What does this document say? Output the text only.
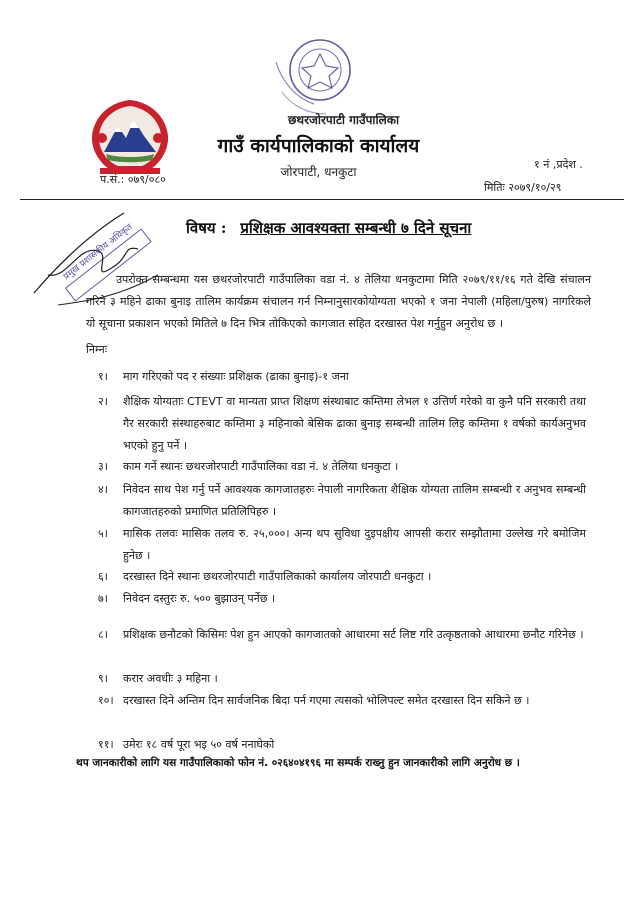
छथरजोरपाटी गाउँपालिका
गाउँ कार्यपालिकाको कार्यालय
जोरपाटी, धनकुटा
प.सं.: ०७९/०८०
१ नं ,प्रदेश .
मितिः २०७९/१०/२९
प्रमुख प्रशासकीय अधिकृत	विषय : प्रशिक्षक आवश्यक्ता सम्बन्धी ७ दिने सूचना
उपरोक्त सम्बन्धमा यस छथरजोरपाटी गाउँपालिका वडा नं. ४ तेलिया धनकुटामा मिति २०७९/११/१६ गते देखि संचालन गरिने ३ महिने ढाका बुनाइ तालिम कार्यक्रम संचालन गर्न निम्नानुसारकोयोग्यता भएको १ जना नेपाली (महिला/पुरुष) नागरिकले यो सूचाना प्रकाशन भएको मितिले ७ दिन भित्र तोकिएको कागजात सहित दरखास्त पेश गर्नुहुन अनुरोध छ ।
निम्नः
१।	माग गरिएको पद र संख्याः प्रशिक्षक (ढाका बुनाइ)-१ जना
२।	शैक्षिक योग्यताः CTEVT वा मान्यता प्राप्त शिक्षण संस्थाबाट कम्तिमा लेभल १ उत्तिर्ण गरेको वा कुनै पनि सरकारी तथा गैर सरकारी संस्थाहरुबाट कम्तिमा ३ महिनाको बेसिक ढाका बुनाइ सम्बन्धी तालिम लिइ कम्तिमा १ वर्षको कार्यअनुभव भएको हुनु पर्ने ।
३।	काम गर्ने स्थानः छथरजोरपाटी गाउँपालिका वडा नं. ४ तेलिया धनकुटा ।
४।	निवेदन साथ पेश गर्नु पर्ने आवश्यक कागजातहरुः नेपाली नागरिकता शैक्षिक योग्यता तालिम सम्बन्धी र अनुभव सम्बन्धी कागजातहरुको प्रमाणित प्रतिलिपिहरु ।
५।	मासिक तलवः मासिक तलव रु. २५,०००। अन्य थप सुविधा दुइपक्षीय आपसी करार सम्झौतामा उल्लेख गरे बमोजिम हुनेछ ।
६।	दरखास्त दिने स्थानः छथरजोरपाटी गाउँपालिकाको कार्यालय जोरपाटी धनकुटा ।
७।	निवेदन दस्तुरः रु. ५०० बुझाउन् पर्नेछ ।
८।	प्रशिक्षक छनौटको किसिमः पेश हुन आएको कागजातको आधारमा सर्ट लिष्ट गरि उत्कृष्ठताको आधारमा छनौट गरिनेछ ।
९।	करार अवधीः ३ महिना ।
१०। दरखास्त दिने अन्तिम दिन सार्वजनिक बिदा पर्न गएमा त्यसको भोलिपल्ट समेत दरखास्त दिन सकिने छ ।
११। उमेरः १८ वर्ष पूरा भइ ५० वर्ष ननाघेको
थप जानकारीको लागि यस गाउँपालिकाको फोन नं. ०२६४०४१९६ मा सम्पर्क राख्नु हुन जानकारीको लागि अनुरोध छ ।
